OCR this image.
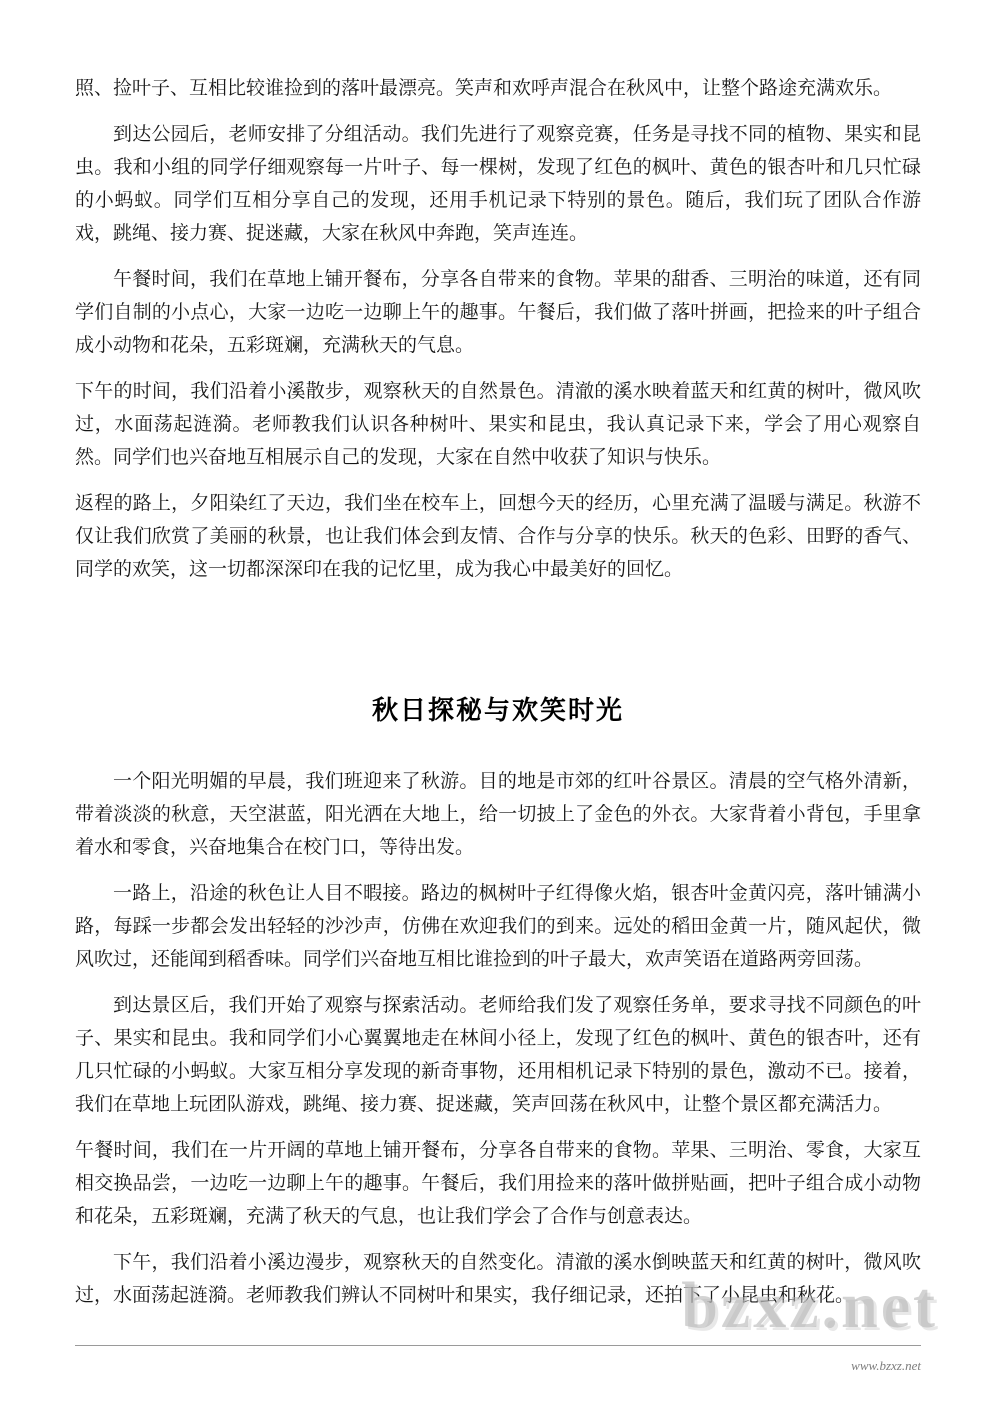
照、捡叶子、互相比较谁捡到的落叶最漂亮。笑声和欢呼声混合在秋风中，让整个路途充满欢乐。

到达公园后，老师安排了分组活动。我们先进行了观察竞赛，任务是寻找不同的植物、果实和昆虫。我和小组的同学仔细观察每一片叶子、每一棵树，发现了红色的枫叶、黄色的银杏叶和几只忙碌的小蚂蚁。同学们互相分享自己的发现，还用手机记录下特别的景色。随后，我们玩了团队合作游戏，跳绳、接力赛、捉迷藏，大家在秋风中奔跑，笑声连连。

午餐时间，我们在草地上铺开餐布，分享各自带来的食物。苹果的甜香、三明治的味道，还有同学们自制的小点心，大家一边吃一边聊上午的趣事。午餐后，我们做了落叶拼画，把捡来的叶子组合成小动物和花朵，五彩斑斓，充满秋天的气息。

下午的时间，我们沿着小溪散步，观察秋天的自然景色。清澈的溪水映着蓝天和红黄的树叶，微风吹过，水面荡起涟漪。老师教我们认识各种树叶、果实和昆虫，我认真记录下来，学会了用心观察自然。同学们也兴奋地互相展示自己的发现，大家在自然中收获了知识与快乐。

返程的路上，夕阳染红了天边，我们坐在校车上，回想今天的经历，心里充满了温暖与满足。秋游不仅让我们欣赏了美丽的秋景，也让我们体会到友情、合作与分享的快乐。秋天的色彩、田野的香气、同学的欢笑，这一切都深深印在我的记忆里，成为我心中最美好的回忆。

秋日探秘与欢笑时光

一个阳光明媚的早晨，我们班迎来了秋游。目的地是市郊的红叶谷景区。清晨的空气格外清新，带着淡淡的秋意，天空湛蓝，阳光洒在大地上，给一切披上了金色的外衣。大家背着小背包，手里拿着水和零食，兴奋地集合在校门口，等待出发。

一路上，沿途的秋色让人目不暇接。路边的枫树叶子红得像火焰，银杏叶金黄闪亮，落叶铺满小路，每踩一步都会发出轻轻的沙沙声，仿佛在欢迎我们的到来。远处的稻田金黄一片，随风起伏，微风吹过，还能闻到稻香味。同学们兴奋地互相比谁捡到的叶子最大，欢声笑语在道路两旁回荡。

到达景区后，我们开始了观察与探索活动。老师给我们发了观察任务单，要求寻找不同颜色的叶子、果实和昆虫。我和同学们小心翼翼地走在林间小径上，发现了红色的枫叶、黄色的银杏叶，还有几只忙碌的小蚂蚁。大家互相分享发现的新奇事物，还用相机记录下特别的景色，激动不已。接着，我们在草地上玩团队游戏，跳绳、接力赛、捉迷藏，笑声回荡在秋风中，让整个景区都充满活力。

午餐时间，我们在一片开阔的草地上铺开餐布，分享各自带来的食物。苹果、三明治、零食，大家互相交换品尝，一边吃一边聊上午的趣事。午餐后，我们用捡来的落叶做拼贴画，把叶子组合成小动物和花朵，五彩斑斓，充满了秋天的气息，也让我们学会了合作与创意表达。

下午，我们沿着小溪边漫步，观察秋天的自然变化。清澈的溪水倒映蓝天和红黄的树叶，微风吹过，水面荡起涟漪。老师教我们辨认不同树叶和果实，我仔细记录，还拍下了小昆虫和秋花。

bzxz.net
www.bzxz.net
